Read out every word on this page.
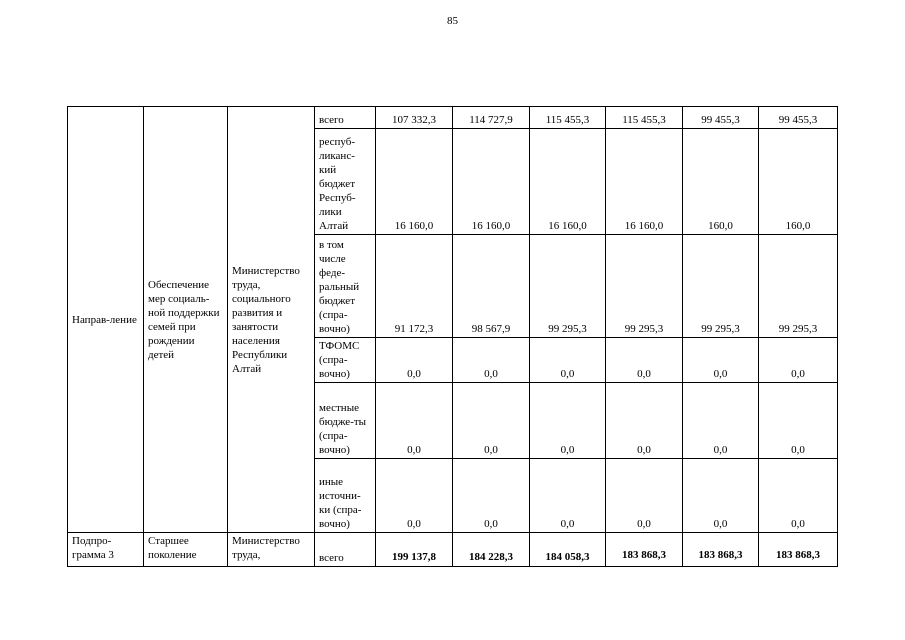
85
Направ-ление	Обеспечение мер социаль-ной поддержки семей при рождении детей	Министерство труда, социального развития и занятости населения Республики Алтай	всего	107 332,3	114 727,9	115 455,3	115 455,3	99 455,3	99 455,3
			респуб-ликанс-кий бюджет Респуб-лики Алтай	16 160,0	16 160,0	16 160,0	16 160,0	160,0	160,0
			в том числе феде-ральный бюджет (спра-вочно)	91 172,3	98 567,9	99 295,3	99 295,3	99 295,3	99 295,3
			ТФОМС (спра-вочно)	0,0	0,0	0,0	0,0	0,0	0,0
			местные бюдже-ты (спра-вочно)	0,0	0,0	0,0	0,0	0,0	0,0
			иные источни-ки (спра-вочно)	0,0	0,0	0,0	0,0	0,0	0,0
Подпро-грамма 3	Старшее поколение	Министерство труда,	всего	199 137,8	184 228,3	184 058,3	183 868,3	183 868,3	183 868,3
